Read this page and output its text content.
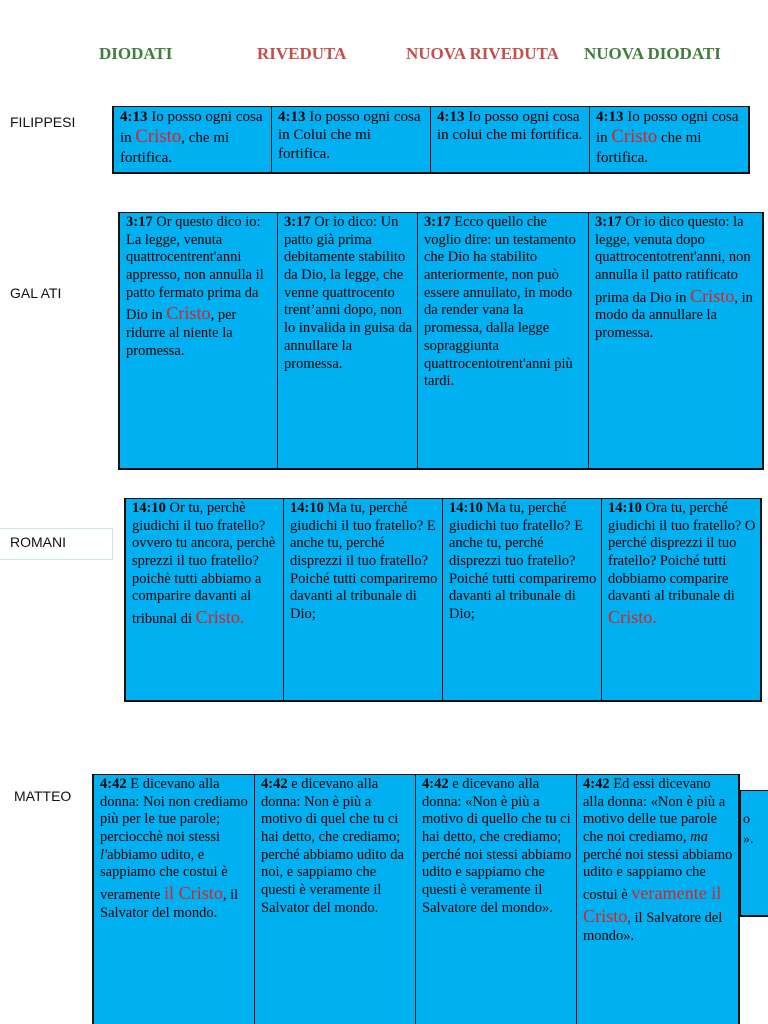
DIODATI	RIVEDUTA	NUOVA RIVEDUTA NUOVA DIODATI
FILIPPESI
GAL ATI
ROMANI
MATTEO
o
».
4:13 Io posso ogni cosa in Cristo, che mi fortifica.
4:13 Io posso ogni cosa in Colui che mi fortifica.
4:13 Io posso ogni cosa in colui che mi fortifica.
4:13 Io posso ogni cosa in Cristo che mi fortifica.
3:17 Or questo dico io: La legge, venuta quattrocentrent'anni appresso, non annulla il patto fermato prima da Dio in Cristo, per ridurre al niente la promessa.
3:17 Or io dico: Un patto già prima debitamente stabilito da Dio, la legge, che venne quattrocento trent’anni dopo, non lo invalida in guisa da annullare la promessa.
3:17 Ecco quello che voglio dire: un testamento che Dio ha stabilito anteriormente, non può essere annullato, in modo da render vana la promessa, dalla legge sopraggiunta quattrocentotrent'anni più tardi.
3:17 Or io dico questo: la legge, venuta dopo quattrocentotrent'anni, non annulla il patto ratificato prima da Dio in Cristo, in modo da annullare la promessa.
14:10 Or tu, perchè giudichi il tuo fratello? ovvero tu ancora, perchè sprezzi il tuo fratello? poichè tutti abbiamo a comparire davanti al tribunal di Cristo.
14:10 Ma tu, perché giudichi il tuo fratello? E anche tu, perché disprezzi il tuo fratello? Poiché tutti compariremo davanti al tribunale di Dio;
14:10 Ma tu, perché giudichi tuo fratello? E anche tu, perché disprezzi tuo fratello? Poiché tutti compariremo davanti al tribunale di Dio;
14:10 Ora tu, perché giudichi il tuo fratello? O perché disprezzi il tuo fratello? Poiché tutti dobbiamo comparire davanti al tribunale di Cristo.
4:42 E dicevano alla donna: Noi non crediamo più per le tue parole; perciocchè noi stessi l'abbiamo udito, e sappiamo che costui è veramente il Cristo, il Salvator del mondo.
4:42 e dicevano alla donna: Non è più a motivo di quel che tu ci hai detto, che crediamo; perché abbiamo udito da noi, e sappiamo che questi è veramente il Salvator del mondo.
4:42 e dicevano alla donna: «Non è più a motivo di quello che tu ci hai detto, che crediamo; perché noi stessi abbiamo udito e sappiamo che questi è veramente il Salvatore del mondo».
4:42 Ed essi dicevano alla donna: «Non è più a motivo delle tue parole che noi crediamo, ma perché noi stessi abbiamo udito e sappiamo che costui è veramente il Cristo, il Salvatore del mondo».
